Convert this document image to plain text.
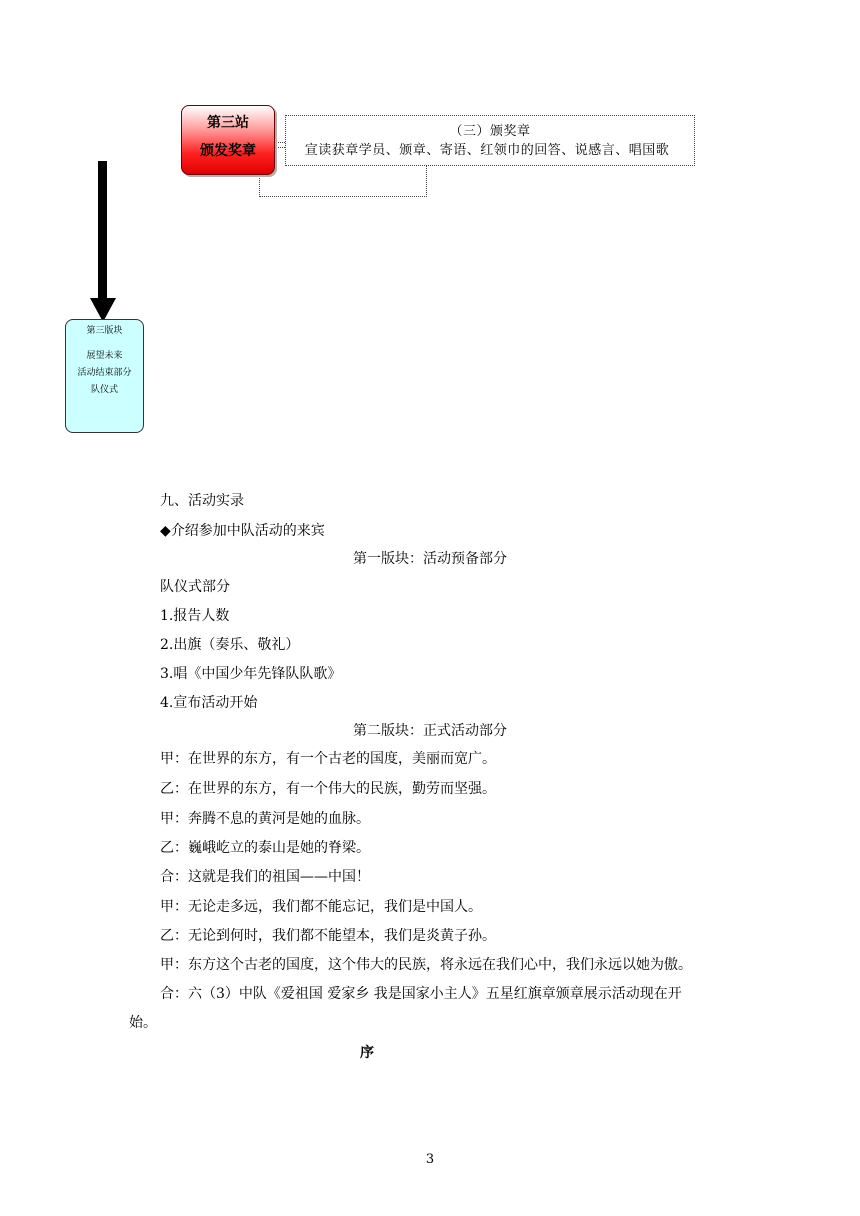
第三站
颁发奖章
（三）颁奖章
宣读获章学员、颁章、寄语、红领巾的回答、说感言、唱国歌
第三版块
展望未来
活动结束部分
队仪式
九、活动实录
◆介绍参加中队活动的来宾
第一版块：活动预备部分
队仪式部分
1.报告人数
2.出旗（奏乐、敬礼）
3.唱《中国少年先锋队队歌》
4.宣布活动开始
第二版块：正式活动部分
甲：在世界的东方，有一个古老的国度，美丽而宽广。
乙：在世界的东方，有一个伟大的民族，勤劳而坚强。
甲：奔腾不息的黄河是她的血脉。
乙：巍峨屹立的泰山是她的脊梁。
合：这就是我们的祖国——中国！
甲：无论走多远，我们都不能忘记，我们是中国人。
乙：无论到何时，我们都不能望本，我们是炎黄子孙。
甲：东方这个古老的国度，这个伟大的民族，将永远在我们心中，我们永远以她为傲。
合：六（3）中队《爱祖国 爱家乡 我是国家小主人》五星红旗章颁章展示活动现在开
始。
序
3
